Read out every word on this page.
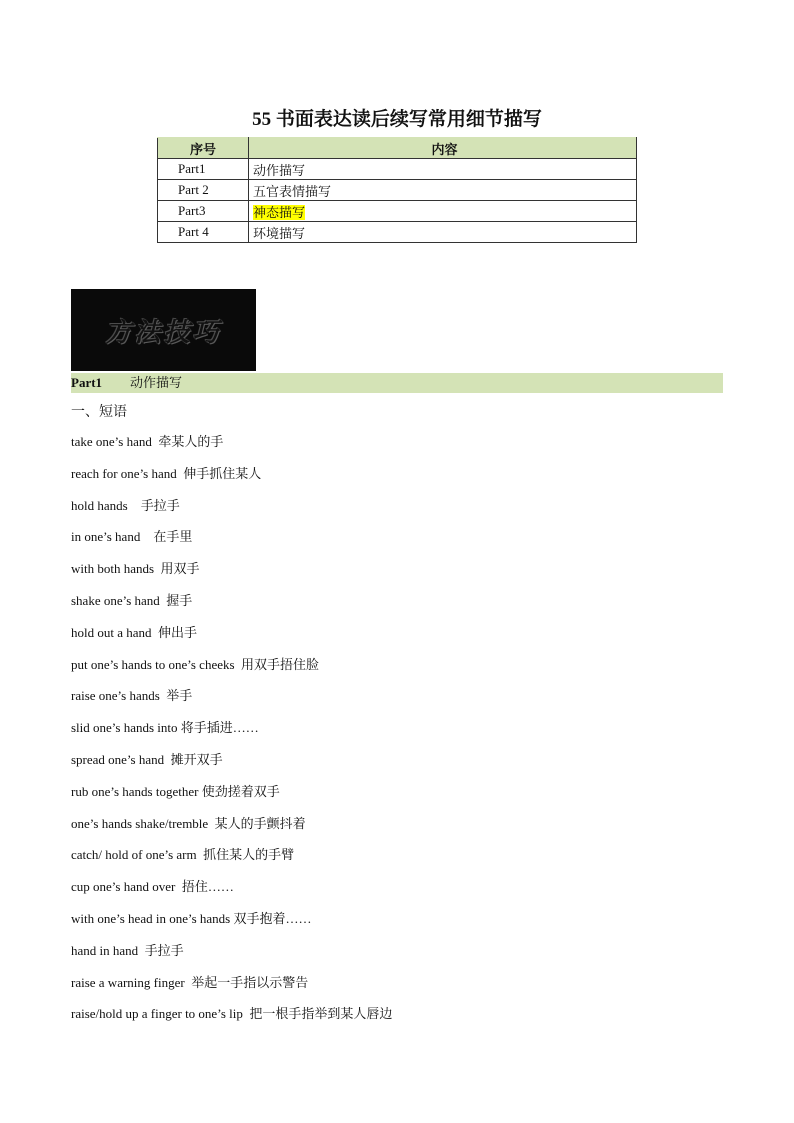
55 书面表达读后续写常用细节描写
序号	内容
Part1	动作描写
Part 2	五官表情描写
Part3	神态描写
Part 4	环境描写
方法技巧
Part1 动作描写
一、短语
take one’s hand  牵某人的手
reach for one’s hand  伸手抓住某人
hold hands    手拉手
in one’s hand    在手里
with both hands  用双手
shake one’s hand  握手
hold out a hand  伸出手
put one’s hands to one’s cheeks  用双手捂住脸
raise one’s hands  举手
slid one’s hands into 将手插进……
spread one’s hand  摊开双手
rub one’s hands together 使劲搓着双手
one’s hands shake/tremble  某人的手颤抖着
catch/ hold of one’s arm  抓住某人的手臂
cup one’s hand over  捂住……
with one’s head in one’s hands 双手抱着……
hand in hand  手拉手
raise a warning finger  举起一手指以示警告
raise/hold up a finger to one’s lip  把一根手指举到某人唇边
